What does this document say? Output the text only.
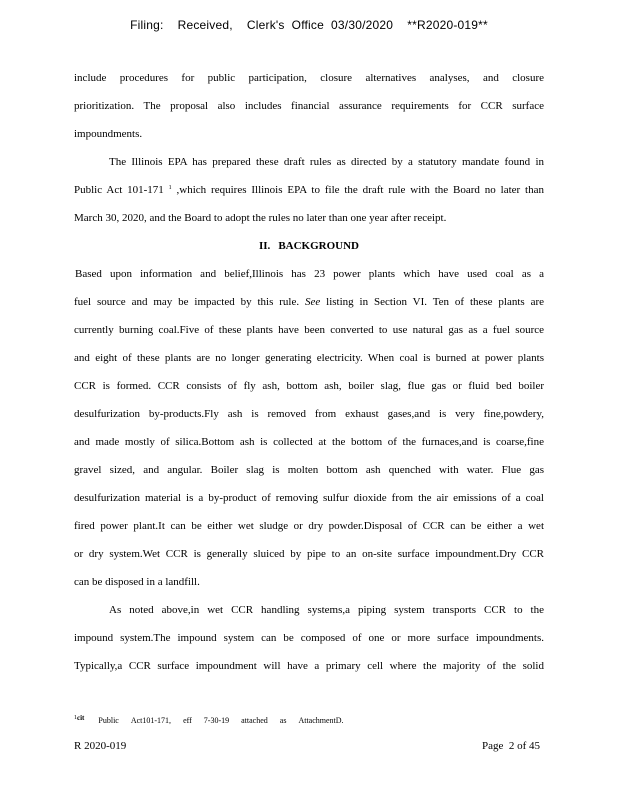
Filing:    Received,    Clerk's  Office  03/30/2020    **R2020-019**
include procedures for public participation, closure alternatives analyses, and closure
prioritization. The proposal also includes financial assurance requirements for CCR surface
impoundments.
The Illinois EPA has prepared these draft rules as directed by a statutory mandate found in
Public Act 101-171 $^1$ ,which requires Illinois EPA to file the draft rule with the Board no later than
March 30, 2020, and the Board to adopt the rules no later than one year after receipt.
II. BACKGROUND
Based upon information and belief,Illinois has 23 power plants which have used coal as a
fuel source and may be impacted by this rule. See listing in Section VI. Ten of these plants are
currently burning coal.Five of these plants have been converted to use natural gas as a fuel source
and eight of these plants are no longer generating electricity. When coal is burned at power plants
CCR is formed. CCR consists of fly ash, bottom ash, boiler slag, flue gas or fluid bed boiler
desulfurization by-products.Fly ash is removed from exhaust gases,and is very fine,powdery,
and made mostly of silica.Bottom ash is collected at the bottom of the furnaces,and is coarse,fine
gravel sized, and angular. Boiler slag is molten bottom ash quenched with water. Flue gas
desulfurization material is a by-product of removing sulfur dioxide from the air emissions of a coal
fired power plant.It can be either wet sludge or dry powder.Disposal of CCR can be either a wet
or dry system.Wet CCR is generally sluiced by pipe to an on-site surface impoundment.Dry CCR
can be disposed in a landfill.
As noted above,in wet CCR handling systems,a piping system transports CCR to the
impound system.The impound system can be composed of one or more surface impoundments.
Typically,a CCR surface impoundment will have a primary cell where the majority of the solid
$^1$cit Public Act101-171, eff 7-30-19 attached as AttachmentD.
R 2020-019	Page  2 of 45
